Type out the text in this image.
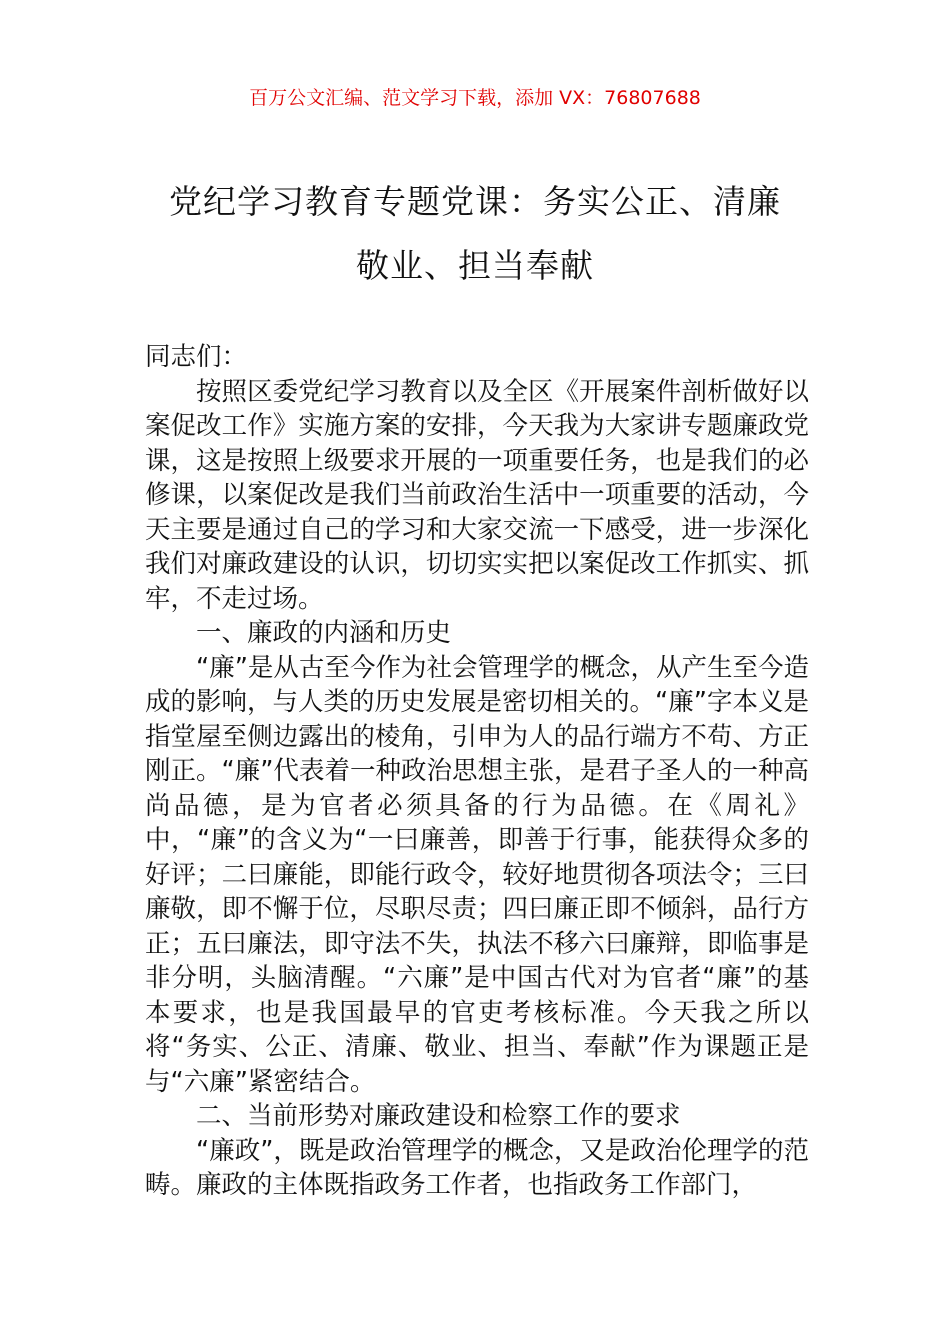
百万公文汇编、范文学习下载，添加 VX：76807688
党纪学习教育专题党课：务实公正、清廉
敬业、担当奉献

同志们：

按照区委党纪学习教育以及全区《开展案件剖析做好以案促改工作》实施方案的安排，今天我为大家讲专题廉政党课，这是按照上级要求开展的一项重要任务，也是我们的必修课，以案促改是我们当前政治生活中一项重要的活动，今天主要是通过自己的学习和大家交流一下感受，进一步深化我们对廉政建设的认识，切切实实把以案促改工作抓实、抓牢，不走过场。

一、廉政的内涵和历史

“廉”是从古至今作为社会管理学的概念，从产生至今造成的影响，与人类的历史发展是密切相关的。“廉”字本义是指堂屋至侧边露出的棱角，引申为人的品行端方不苟、方正刚正。“廉”代表着一种政治思想主张，是君子圣人的一种高尚品德，是为官者必须具备的行为品德。在《周礼》中，“廉”的含义为“一曰廉善，即善于行事，能获得众多的好评；二曰廉能，即能行政令，较好地贯彻各项法令；三曰廉敬，即不懈于位，尽职尽责；四曰廉正即不倾斜，品行方正；五曰廉法，即守法不失，执法不移六曰廉辩，即临事是非分明，头脑清醒。“六廉”是中国古代对为官者“廉”的基本要求，也是我国最早的官吏考核标准。今天我之所以将“务实、公正、清廉、敬业、担当、奉献”作为课题正是与“六廉”紧密结合。

二、当前形势对廉政建设和检察工作的要求

“廉政”，既是政治管理学的概念，又是政治伦理学的范畴。廉政的主体既指政务工作者，也指政务工作部门，
